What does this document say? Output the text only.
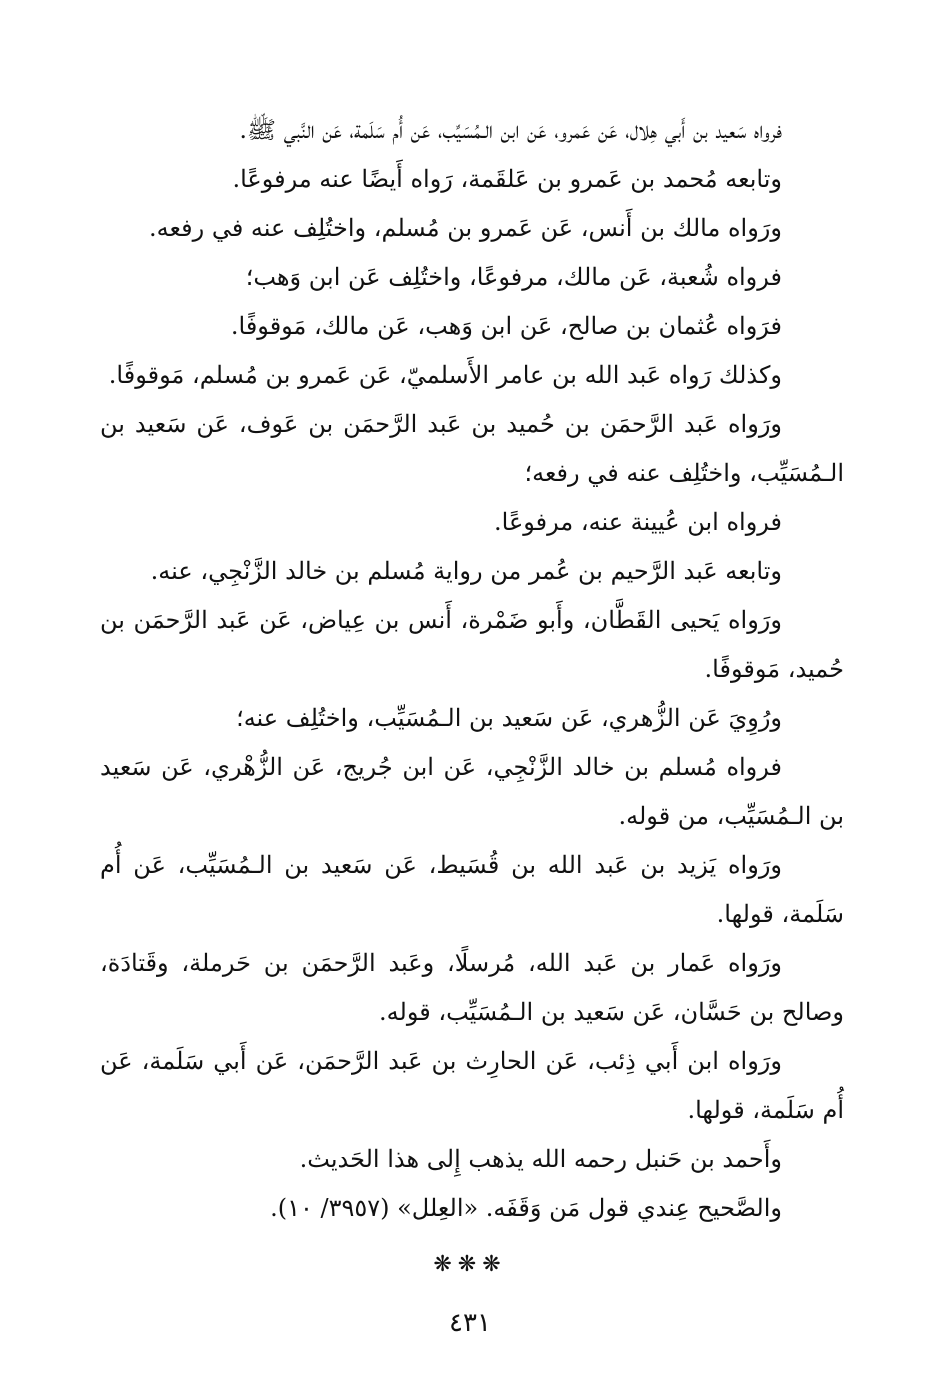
فرواه سَعيد بن أَبي هِلال، عَن عَمرو، عَن ابن الـمُسَيِّب، عَن أُم سَلَمة، عَن النَّبي ﷺ.

وتابعه مُحمد بن عَمرو بن عَلقَمة، رَواه أَيضًا عنه مرفوعًا.

ورَواه مالك بن أَنس، عَن عَمرو بن مُسلم، واختُلِف عنه في رفعه.

فرواه شُعبة، عَن مالك، مرفوعًا، واختُلِف عَن ابن وَهب؛

فرَواه عُثمان بن صالح، عَن ابن وَهب، عَن مالك، مَوقوفًا.

وكذلك رَواه عَبد الله بن عامر الأَسلميّ، عَن عَمرو بن مُسلم، مَوقوفًا.

ورَواه عَبد الرَّحمَن بن حُميد بن عَبد الرَّحمَن بن عَوف، عَن سَعيد بن الـمُسَيِّب، واختُلِف عنه في رفعه؛

فرواه ابن عُيينة عنه، مرفوعًا.

وتابعه عَبد الرَّحيم بن عُمر من رواية مُسلم بن خالد الزَّنْجِي، عنه.

ورَواه يَحيى القَطَّان، وأَبو ضَمْرة، أَنس بن عِياض، عَن عَبد الرَّحمَن بن حُميد، مَوقوفًا.

ورُوِيَ عَن الزُّهري، عَن سَعيد بن الـمُسَيِّب، واختُلِف عنه؛

فرواه مُسلم بن خالد الزَّنْجِي، عَن ابن جُريج، عَن الزُّهْري، عَن سَعيد بن الـمُسَيِّب، من قوله.

ورَواه يَزيد بن عَبد الله بن قُسَيط، عَن سَعيد بن الـمُسَيِّب، عَن أُم سَلَمة، قولها.

ورَواه عَمار بن عَبد الله، مُرسلًا، وعَبد الرَّحمَن بن حَرملة، وقَتادَة، وصالح بن حَسَّان، عَن سَعيد بن الـمُسَيِّب، قوله.

ورَواه ابن أَبي ذِئب، عَن الحارِث بن عَبد الرَّحمَن، عَن أَبي سَلَمة، عَن أُم سَلَمة، قولها.

وأَحمد بن حَنبل رحمه الله يذهب إِلى هذا الحَديث.

والصَّحيح عِندي قول مَن وَقَفَه. «العِلل» (٣٩٥٧/ ١٠).

❋❋❋
٤٣١
